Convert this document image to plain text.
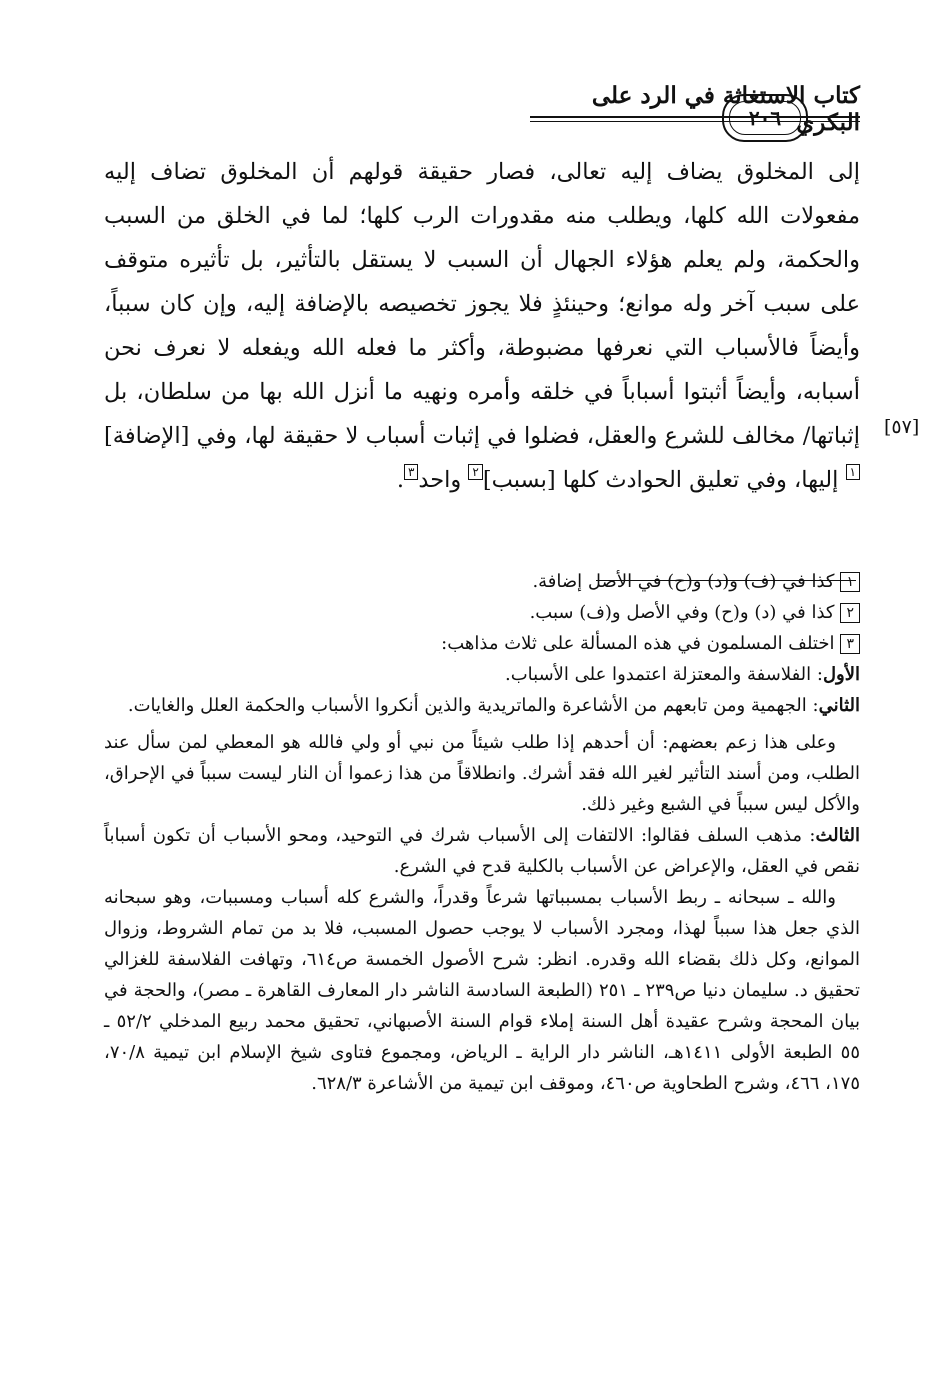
كتاب الاستغاثة في الرد على البكري
٢٠٦
[٥٧]

إلى المخلوق يضاف إليه تعالى، فصار حقيقة قولهم أن المخلوق تضاف إليه مفعولات الله كلها، ويطلب منه مقدورات الرب كلها؛ لما في الخلق من السبب والحكمة، ولم يعلم هؤلاء الجهال أن السبب لا يستقل بالتأثير، بل تأثيره متوقف على سبب آخر وله موانع؛ وحينئذٍ فلا يجوز تخصيصه بالإضافة إليه، وإن كان سبباً، وأيضاً فالأسباب التي نعرفها مضبوطة، وأكثر ما فعله الله ويفعله لا نعرف نحن أسبابه، وأيضاً أثبتوا أسباباً في خلقه وأمره ونهيه ما أنزل الله بها من سلطان، بل إثباتها/ مخالف للشرع والعقل، فضلوا في إثبات أسباب لا حقيقة لها، وفي [الإضافة]١ إليها، وفي تعليق الحوادث كلها [بسبب]٢ واحد٣.

١كذا في (ف) و(د) و(ح) في الأصل إضافة.

٢كذا في (د) و(ح) وفي الأصل و(ف) سبب.

٣اختلف المسلمون في هذه المسألة على ثلاث مذاهب:

الأول: الفلاسفة والمعتزلة اعتمدوا على الأسباب.

الثاني: الجهمية ومن تابعهم من الأشاعرة والماتريدية والذين أنكروا الأسباب والحكمة العلل والغايات.

وعلى هذا زعم بعضهم: أن أحدهم إذا طلب شيئاً من نبي أو ولي فالله هو المعطي لمن سأل عند الطلب، ومن أسند التأثير لغير الله فقد أشرك. وانطلاقاً من هذا زعموا أن النار ليست سبباً في الإحراق، والأكل ليس سبباً في الشبع وغير ذلك.

الثالث: مذهب السلف فقالوا: الالتفات إلى الأسباب شرك في التوحيد، ومحو الأسباب أن تكون أسباباً نقص في العقل، والإعراض عن الأسباب بالكلية قدح في الشرع.

والله ـ سبحانه ـ ربط الأسباب بمسبباتها شرعاً وقدراً، والشرع كله أسباب ومسببات، وهو سبحانه الذي جعل هذا سبباً لهذا، ومجرد الأسباب لا يوجب حصول المسبب، فلا بد من تمام الشروط، وزوال الموانع، وكل ذلك بقضاء الله وقدره. انظر: شرح الأصول الخمسة ص٦١٤، وتهافت الفلاسفة للغزالي تحقيق د. سليمان دنيا ص٢٣٩ ـ ٢٥١ (الطبعة السادسة الناشر دار المعارف القاهرة ـ مصر)، والحجة في بيان المحجة وشرح عقيدة أهل السنة إملاء قوام السنة الأصبهاني، تحقيق محمد ربيع المدخلي ٥٢/٢ ـ ٥٥ الطبعة الأولى ١٤١١هـ، الناشر دار الراية ـ الرياض، ومجموع فتاوى شيخ الإسلام ابن تيمية ٧٠/٨، ١٧٥، ٤٦٦، وشرح الطحاوية ص٤٦٠، وموقف ابن تيمية من الأشاعرة ٦٢٨/٣.
